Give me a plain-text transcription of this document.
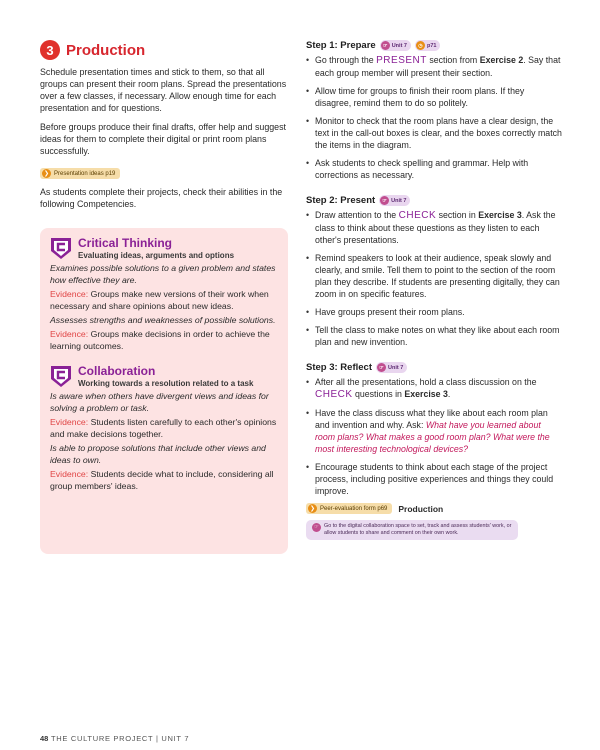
3 Production

Schedule presentation times and stick to them, so that all groups can present their room plans. Spread the presentations over a few classes, if necessary. Allow enough time for each presentation and for questions.

Before groups produce their final drafts, offer help and suggest ideas for them to complete their digital or print room plans successfully.

❯ Presentation ideas p19

As students complete their projects, check their abilities in the following Competencies.

Critical Thinking
Evaluating ideas, arguments and options
Examines possible solutions to a given problem and states how effective they are.
Evidence: Groups make new versions of their work when necessary and share opinions about new ideas.
Assesses strengths and weaknesses of possible solutions.
Evidence: Groups make decisions in order to achieve the learning outcomes.
Collaboration
Working towards a resolution related to a task
Is aware when others have divergent views and ideas for solving a problem or task.
Evidence: Students listen carefully to each other's opinions and make decisions together.
Is able to propose solutions that include other views and ideas to own.
Evidence: Students decide what to include, considering all group members' ideas.
Step 1: Prepare	☞ Unit 7	◷ p71
• Go through the PRESENT section from Exercise 2. Say that each group member will present their section.
• Allow time for groups to finish their room plans. If they disagree, remind them to do so politely.
• Monitor to check that the room plans have a clear design, the text in the call-out boxes is clear, and the boxes correctly match the items in the diagram.
• Ask students to check spelling and grammar. Help with corrections as necessary.
Step 2: Present	☞ Unit 7
• Draw attention to the CHECK section in Exercise 3. Ask the class to think about these questions as they listen to each other's presentations.
• Remind speakers to look at their audience, speak slowly and clearly, and smile. Tell them to point to the section of the room plan they describe. If students are presenting digitally, they can zoom in on specific features.
• Have groups present their room plans.
• Tell the class to make notes on what they like about each room plan and new invention.
Step 3: Reflect	☞ Unit 7
• After all the presentations, hold a class discussion on the CHECK questions in Exercise 3.
• Have the class discuss what they like about each room plan and invention and why. Ask: What have you learned about room plans? What makes a good room plan? What were the most interesting technological devices?
• Encourage students to think about each stage of the project process, including positive experiences and things they could improve.
❯ Peer-evaluation form p69 Production
☞ Go to the digital collaboration space to set, track and assess students' work, or allow students to share and comment on their own work.
48 THE CULTURE PROJECT | UNIT 7
